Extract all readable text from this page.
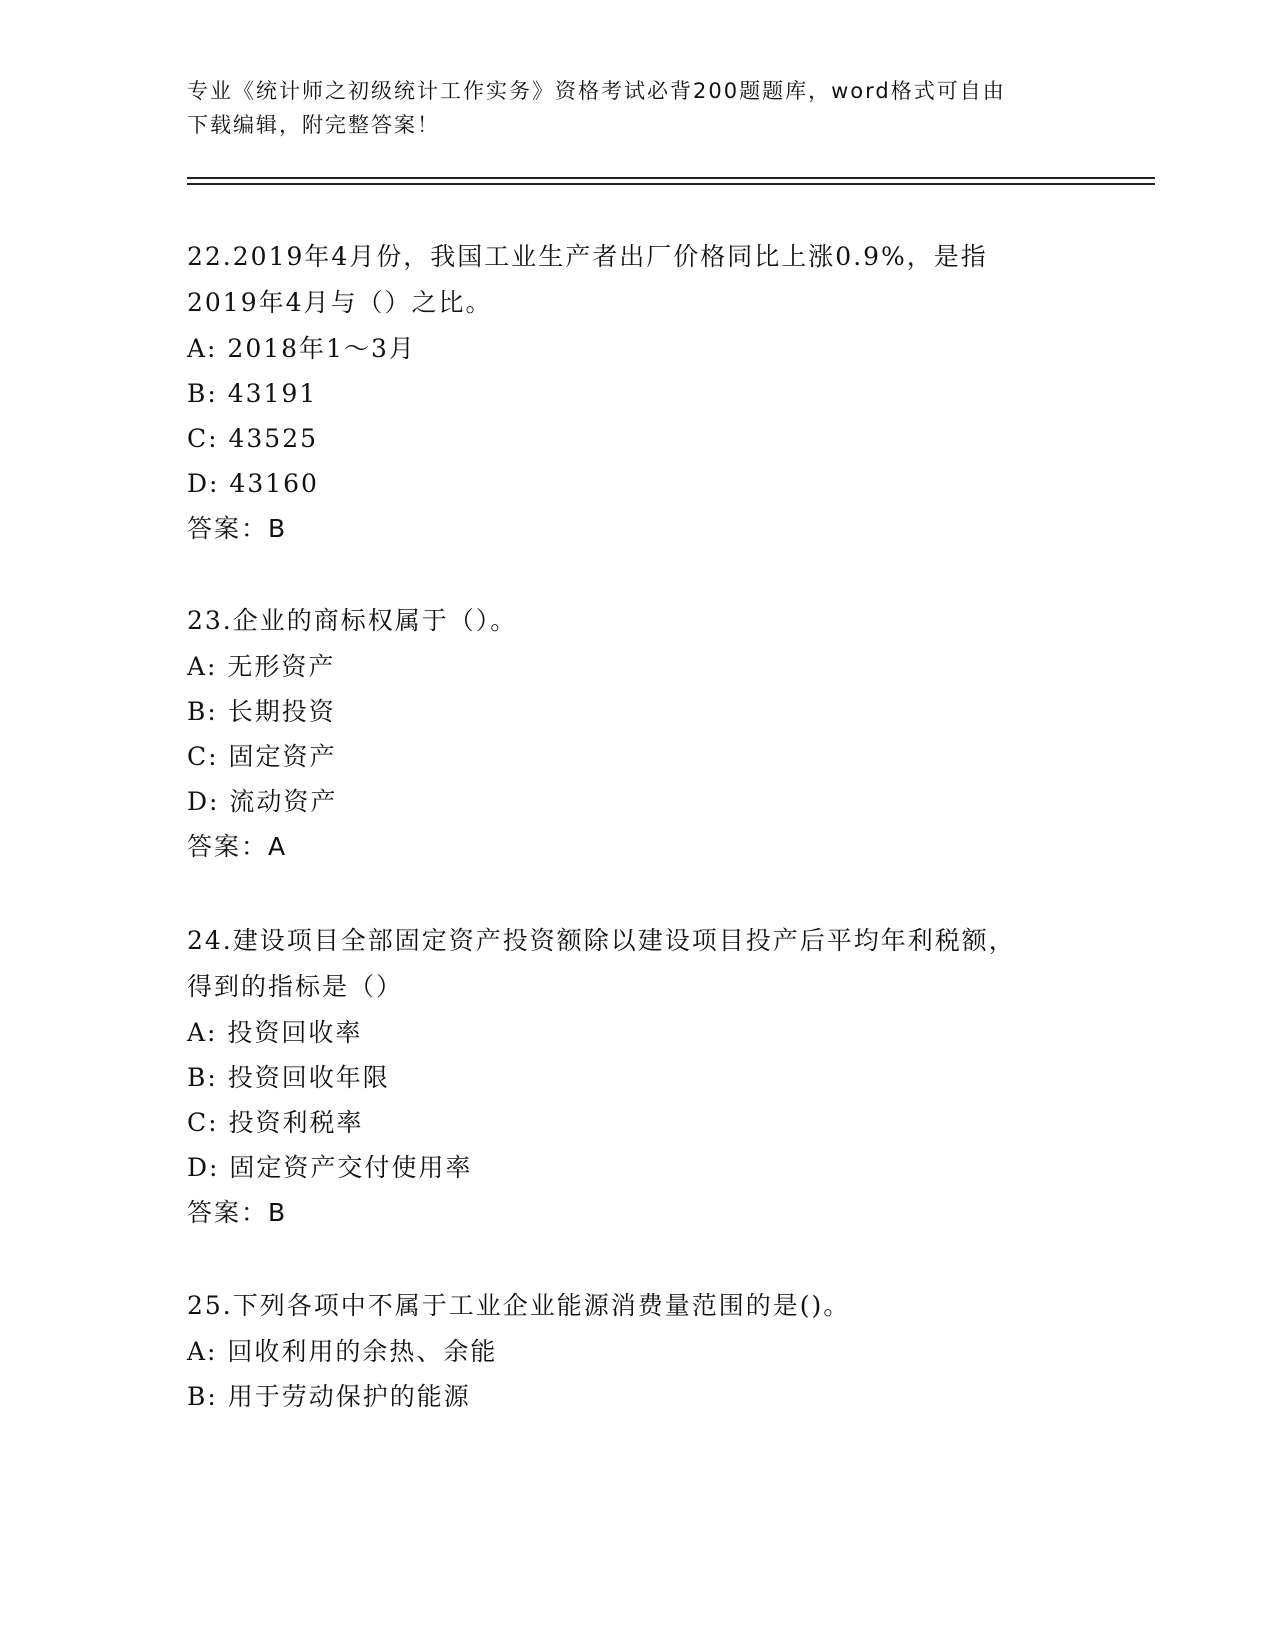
专业《统计师之初级统计工作实务》资格考试必背200题题库，word格式可自由
下载编辑，附完整答案！
22.2019年4月份，我国工业生产者出厂价格同比上涨0.9%，是指
2019年4月与（）之比。
A: 2018年1～3月
B: 43191
C: 43525
D: 43160
答案：B
23.企业的商标权属于（）。
A: 无形资产
B: 长期投资
C: 固定资产
D: 流动资产
答案：A
24.建设项目全部固定资产投资额除以建设项目投产后平均年利税额，
得到的指标是（）
A: 投资回收率
B: 投资回收年限
C: 投资利税率
D: 固定资产交付使用率
答案：B
25.下列各项中不属于工业企业能源消费量范围的是()。
A: 回收利用的余热、余能
B: 用于劳动保护的能源
